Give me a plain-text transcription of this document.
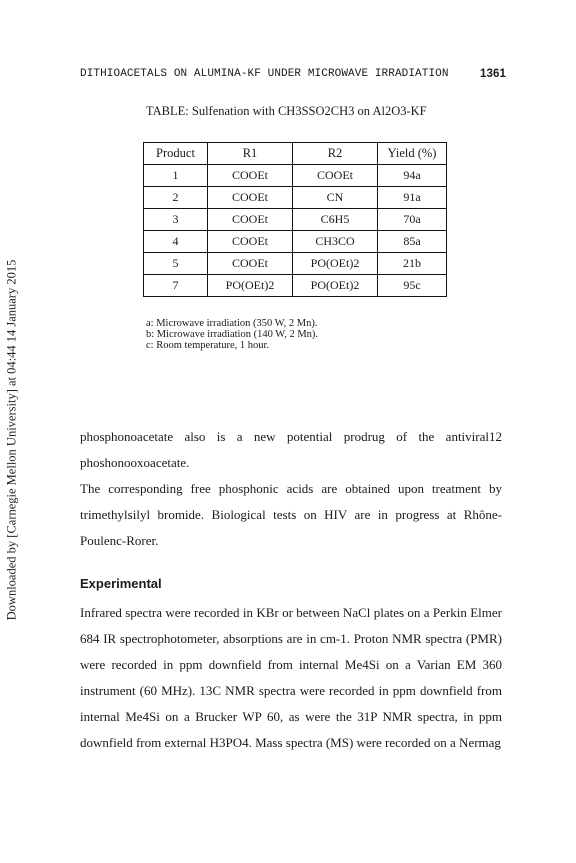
Downloaded by [Carnegie Mellon University] at 04:44 14 January 2015
DITHIOACETALS ON ALUMINA-KF UNDER MICROWAVE IRRADIATION	1361
TABLE: Sulfenation with CH3SSO2CH3 on Al2O3-KF
Product	R1	R2	Yield (%)
1	COOEt	COOEt	94a
2	COOEt	CN	91a
3	COOEt	C6H5	70a
4	COOEt	CH3CO	85a
5	COOEt	PO(OEt)2	21b
7	PO(OEt)2	PO(OEt)2	95c
a: Microwave irradiation (350 W, 2 Mn).
b: Microwave irradiation (140 W, 2 Mn).
c: Room temperature, 1 hour.
phosphonoacetate also is a new potential prodrug of the antiviral12 phoshonooxoacetate.
The corresponding free phosphonic acids are obtained upon treatment by trimethylsilyl bromide. Biological tests on HIV are in progress at Rhône-Poulenc-Rorer.
Experimental
Infrared spectra were recorded in KBr or between NaCl plates on a Perkin Elmer 684 IR spectrophotometer, absorptions are in cm-1. Proton NMR spectra (PMR) were recorded in ppm downfield from internal Me4Si on a Varian EM 360 instrument (60 MHz). 13C NMR spectra were recorded in ppm downfield from internal Me4Si on a Brucker WP 60, as were the 31P NMR spectra, in ppm downfield from external H3PO4. Mass spectra (MS) were recorded on a Nermag
